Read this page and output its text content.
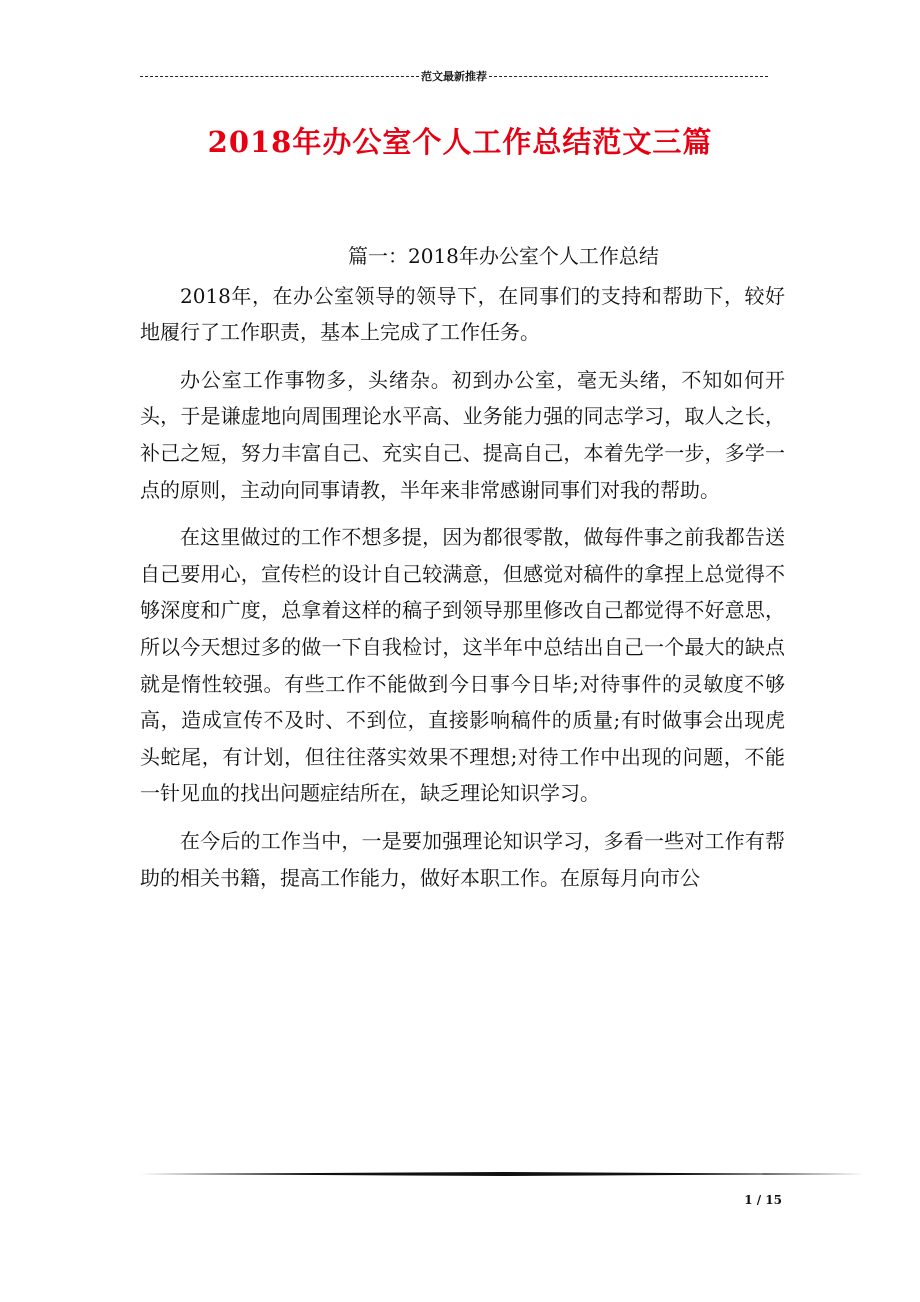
范文最新推荐
2018年办公室个人工作总结范文三篇

篇一：2018年办公室个人工作总结

2018年，在办公室领导的领导下，在同事们的支持和帮助下，较好地履行了工作职责，基本上完成了工作任务。

办公室工作事物多，头绪杂。初到办公室，毫无头绪，不知如何开头，于是谦虚地向周围理论水平高、业务能力强的同志学习，取人之长，补己之短，努力丰富自己、充实自己、提高自己，本着先学一步，多学一点的原则，主动向同事请教，半年来非常感谢同事们对我的帮助。

在这里做过的工作不想多提，因为都很零散，做每件事之前我都告送自己要用心，宣传栏的设计自己较满意，但感觉对稿件的拿捏上总觉得不够深度和广度，总拿着这样的稿子到领导那里修改自己都觉得不好意思，所以今天想过多的做一下自我检讨，这半年中总结出自己一个最大的缺点就是惰性较强。有些工作不能做到今日事今日毕;对待事件的灵敏度不够高，造成宣传不及时、不到位，直接影响稿件的质量;有时做事会出现虎头蛇尾，有计划，但往往落实效果不理想;对待工作中出现的问题，不能一针见血的找出问题症结所在，缺乏理论知识学习。

在今后的工作当中，一是要加强理论知识学习，多看一些对工作有帮助的相关书籍，提高工作能力，做好本职工作。在原每月向市公

1 / 15
